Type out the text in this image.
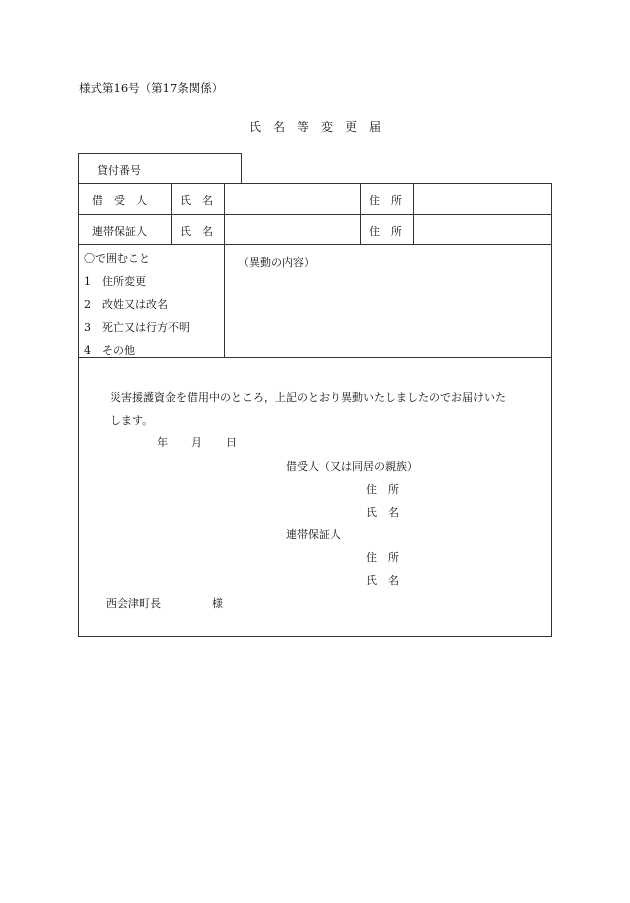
様式第16号（第17条関係）
氏　名　等　変　更　届
貸付番号
借　受　人	氏　名	住　所
連帯保証人	氏　名	住　所
〇で囲むこと
1　住所変更
2　改姓又は改名
3　死亡又は行方不明
4　その他
（異動の内容）
災害援護資金を借用中のところ，上記のとおり異動いたしましたのでお届けいた
します。
年 月 日
借受人（又は同居の親族）
住　所
氏　名
連帯保証人
住　所
氏　名
西会津町長	様
